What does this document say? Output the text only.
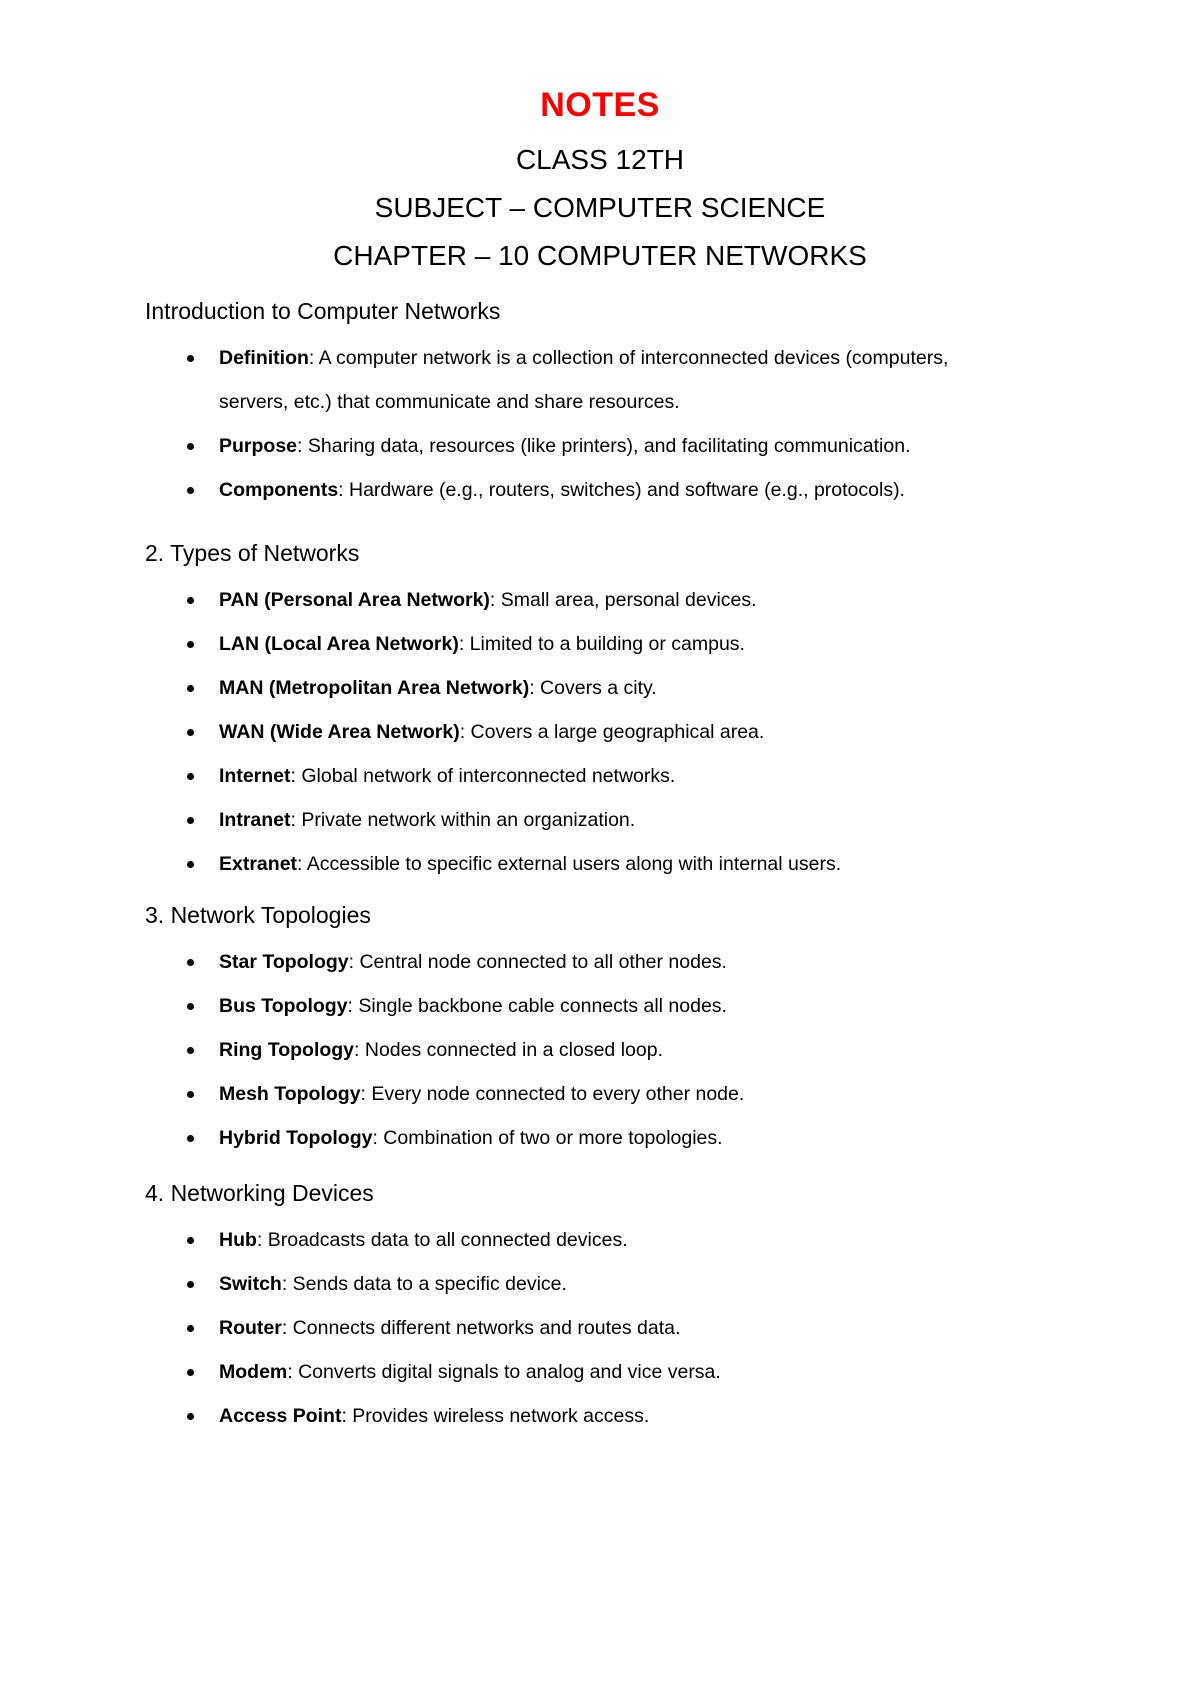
NOTES
CLASS 12TH
SUBJECT – COMPUTER SCIENCE
CHAPTER – 10 COMPUTER NETWORKS
Introduction to Computer Networks
Definition: A computer network is a collection of interconnected devices (computers,
servers, etc.) that communicate and share resources.
Purpose: Sharing data, resources (like printers), and facilitating communication.
Components: Hardware (e.g., routers, switches) and software (e.g., protocols).
2. Types of Networks
PAN (Personal Area Network): Small area, personal devices.
LAN (Local Area Network): Limited to a building or campus.
MAN (Metropolitan Area Network): Covers a city.
WAN (Wide Area Network): Covers a large geographical area.
Internet: Global network of interconnected networks.
Intranet: Private network within an organization.
Extranet: Accessible to specific external users along with internal users.
3. Network Topologies
Star Topology: Central node connected to all other nodes.
Bus Topology: Single backbone cable connects all nodes.
Ring Topology: Nodes connected in a closed loop.
Mesh Topology: Every node connected to every other node.
Hybrid Topology: Combination of two or more topologies.
4. Networking Devices
Hub: Broadcasts data to all connected devices.
Switch: Sends data to a specific device.
Router: Connects different networks and routes data.
Modem: Converts digital signals to analog and vice versa.
Access Point: Provides wireless network access.
